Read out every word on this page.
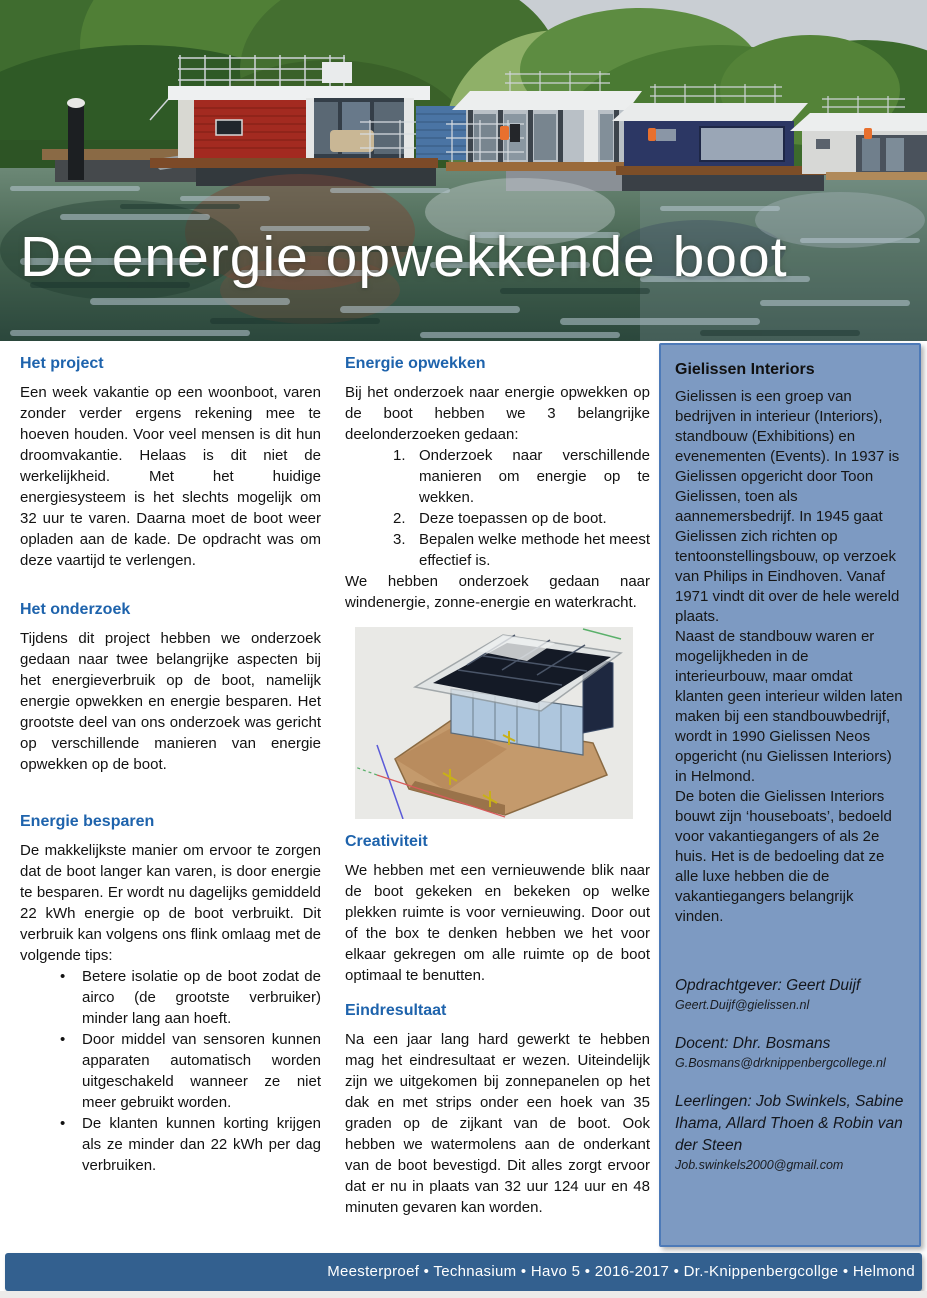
De energie opwekkende boot
Het project

Een week vakantie op een woonboot, varen zonder verder ergens rekening mee te hoeven houden. Voor veel mensen is dit hun droomvakantie. Helaas is dit niet de werkelijkheid. Met het huidige energiesysteem is het slechts mogelijk om 32 uur te varen. Daarna moet de boot weer opladen aan de kade. De opdracht was om deze vaartijd te verlengen.

Het onderzoek

Tijdens dit project hebben we onderzoek gedaan naar twee belangrijke aspecten bij het energieverbruik op de boot, namelijk energie opwekken en energie besparen. Het grootste deel van ons onderzoek was gericht op verschillende manieren van energie opwekken op de boot.

Energie besparen

De makkelijkste manier om ervoor te zorgen dat de boot langer kan varen, is door energie te besparen. Er wordt nu dagelijks gemiddeld 22 kWh energie op de boot verbruikt. Dit verbruik kan volgens ons flink omlaag met de volgende tips:

• Betere isolatie op de boot zodat de airco (de grootste verbruiker) minder lang aan hoeft.
• Door middel van sensoren kunnen apparaten automatisch worden uitgeschakeld wanneer ze niet meer gebruikt worden.
• De klanten kunnen korting krijgen als ze minder dan 22 kWh per dag verbruiken.
Energie opwekken

Bij het onderzoek naar energie opwekken op de boot hebben we 3 belangrijke deelonderzoeken gedaan:

Onderzoek naar verschillende manieren om energie op te wekken.
Deze toepassen op de boot.
Bepalen welke methode het meest effectief is.

We hebben onderzoek gedaan naar windenergie, zonne-energie en waterkracht.

Creativiteit

We hebben met een vernieuwende blik naar de boot gekeken en bekeken op welke plekken ruimte is voor vernieuwing. Door out of the box te denken hebben we het voor elkaar gekregen om alle ruimte op de boot optimaal te benutten.

Eindresultaat

Na een jaar lang hard gewerkt te hebben mag het eindresultaat er wezen. Uiteindelijk zijn we uitgekomen bij zonnepanelen op het dak en met strips onder een hoek van 35 graden op de zijkant van de boot. Ook hebben we watermolens aan de onderkant van de boot bevestigd. Dit alles zorgt ervoor dat er nu in plaats van 32 uur 124 uur en 48 minuten gevaren kan worden.

Gielissen Interiors

Gielissen is een groep van bedrijven in interieur (Interiors), standbouw (Exhibitions) en evenementen (Events). In 1937 is Gielissen opgericht door Toon Gielissen, toen als aannemersbedrijf. In 1945 gaat Gielissen zich richten op tentoonstellingsbouw, op verzoek van Philips in Eindhoven. Vanaf 1971 vindt dit over de hele wereld plaats.

Naast de standbouw waren er mogelijkheden in de interieurbouw, maar omdat klanten geen interieur wilden laten maken bij een standbouwbedrijf, wordt in 1990 Gielissen Neos opgericht (nu Gielissen Interiors) in Helmond.

De boten die Gielissen Interiors bouwt zijn ‘houseboats’, bedoeld voor vakantiegangers of als 2e huis. Het is de bedoeling dat ze alle luxe hebben die de vakantiegangers belangrijk vinden.

Opdrachtgever: Geert Duijf
Geert.Duijf@gielissen.nl
Docent: Dhr. Bosmans
G.Bosmans@drknippenbergcollege.nl
Leerlingen: Job Swinkels, Sabine Ihama, Allard Thoen & Robin van der Steen
Job.swinkels2000@gmail.com
Meesterproef • Technasium • Havo 5 • 2016-2017 • Dr.-Knippenbergcollge • Helmond
